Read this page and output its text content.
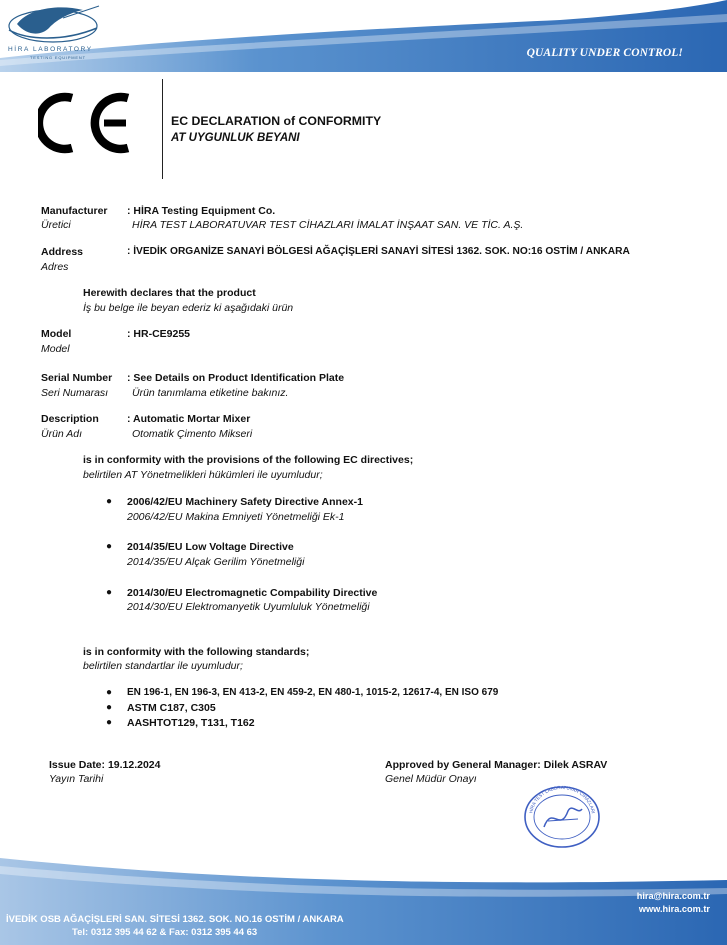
HİRA LABORATORY
TESTING EQUIPMENT	QUALITY UNDER CONTROL!
EC DECLARATION of CONFORMITY
AT UYGUNLUK BEYANI
Manufacturer
Üretici
: HİRA Testing Equipment Co.
HİRA TEST LABORATUVAR TEST CİHAZLARI İMALAT İNŞAAT SAN. VE TİC. A.Ş.
Address
Adres
: İVEDİK ORGANİZE SANAYİ BÖLGESİ AĞAÇİŞLERİ SANAYİ SİTESİ 1362. SOK. NO:16 OSTİM / ANKARA
Herewith declares that the product
İş bu belge ile beyan ederiz ki aşağıdaki ürün
Model
Model
: HR-CE9255
Serial Number
Seri Numarası
: See Details on Product Identification Plate
Ürün tanımlama etiketine bakınız.
Description
Ürün Adı
: Automatic Mortar Mixer
Otomatik Çimento Mikseri
is in conformity with the provisions of the following EC directives;
belirtilen AT Yönetmelikleri hükümleri ile uyumludur;
● 2006/42/EU Machinery Safety Directive Annex-1
2006/42/EU Makina Emniyeti Yönetmeliği Ek-1
● 2014/35/EU Low Voltage Directive
2014/35/EU Alçak Gerilim Yönetmeliği
● 2014/30/EU Electromagnetic Compability Directive
2014/30/EU Elektromanyetik Uyumluluk Yönetmeliği
is in conformity with the following standards;
belirtilen standartlar ile uyumludur;
● EN 196-1, EN 196-3, EN 413-2, EN 459-2, EN 480-1, 1015-2, 12617-4, EN ISO 679
● ASTM C187, C305
● AASHTOT129, T131, T162
Issue Date: 19.12.2024
Yayın Tarihi
Approved by General Manager: Dilek ASRAV
Genel Müdür Onayı
HİRA TEST LABORATUVAR CİHAZLARI
hira@hira.com.tr
www.hira.com.tr
İVEDİK OSB AĞAÇİŞLERİ SAN. SİTESİ 1362. SOK. NO.16 OSTİM / ANKARA
Tel: 0312 395 44 62 & Fax: 0312 395 44 63
